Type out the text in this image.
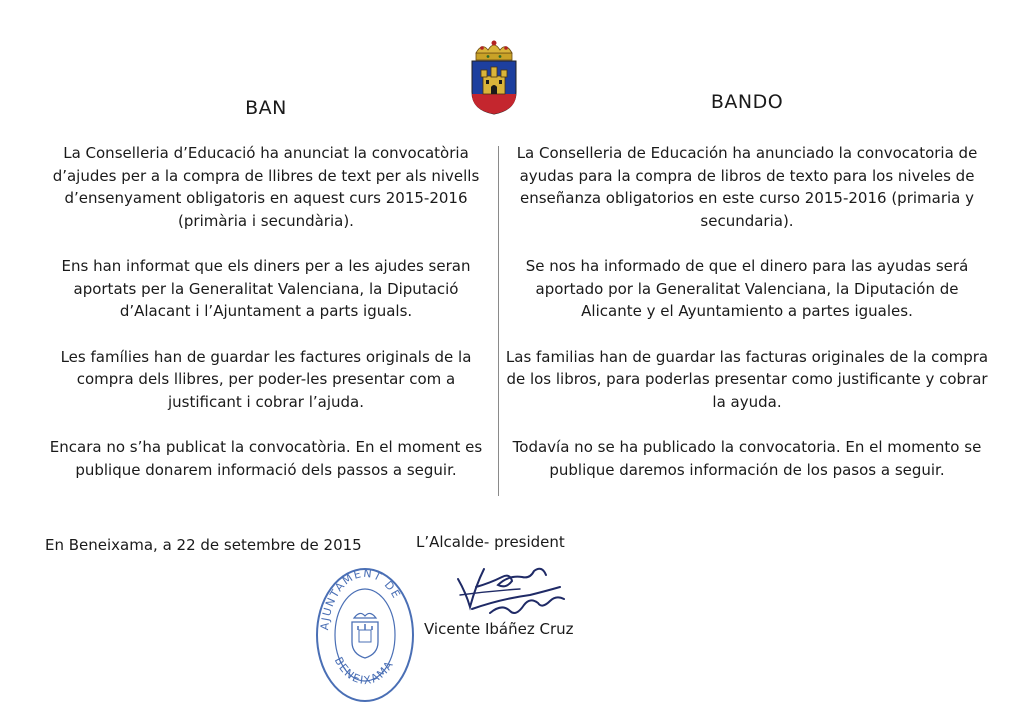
BAN

La Conselleria d’Educació ha anunciat la convocatòria d’ajudes per a la compra de llibres de text per als nivells d’ensenyament obligatoris en aquest curs 2015-2016 (primària i secundària).

Ens han informat que els diners per a les ajudes seran aportats per la Generalitat Valenciana, la Diputació d’Alacant i l’Ajuntament a parts iguals.

Les famílies han de guardar les factures originals de la compra dels llibres, per poder-les presentar com a justificant i cobrar l’ajuda.

Encara no s’ha publicat la convocatòria. En el moment es publique donarem informació dels passos a seguir.

BANDO

La Conselleria de Educación ha anunciado la convocatoria de ayudas para la compra de libros de texto para los niveles de enseñanza obligatorios en este curso 2015-2016 (primaria y secundaria).

Se nos ha informado de que el dinero para las ayudas será aportado por la Generalitat Valenciana, la Diputación de Alicante y el Ayuntamiento a partes iguales.

Las familias han de guardar las facturas originales de la compra de los libros, para poderlas presentar como justificante y cobrar la ayuda.

Todavía no se ha publicado la convocatoria. En el momento se publique daremos información de los pasos a seguir.

En Beneixama, a 22 de setembre de 2015	L’Alcalde- president
AJUNTAMENT DE
BENEIXAMA
Vicente Ibáñez Cruz
